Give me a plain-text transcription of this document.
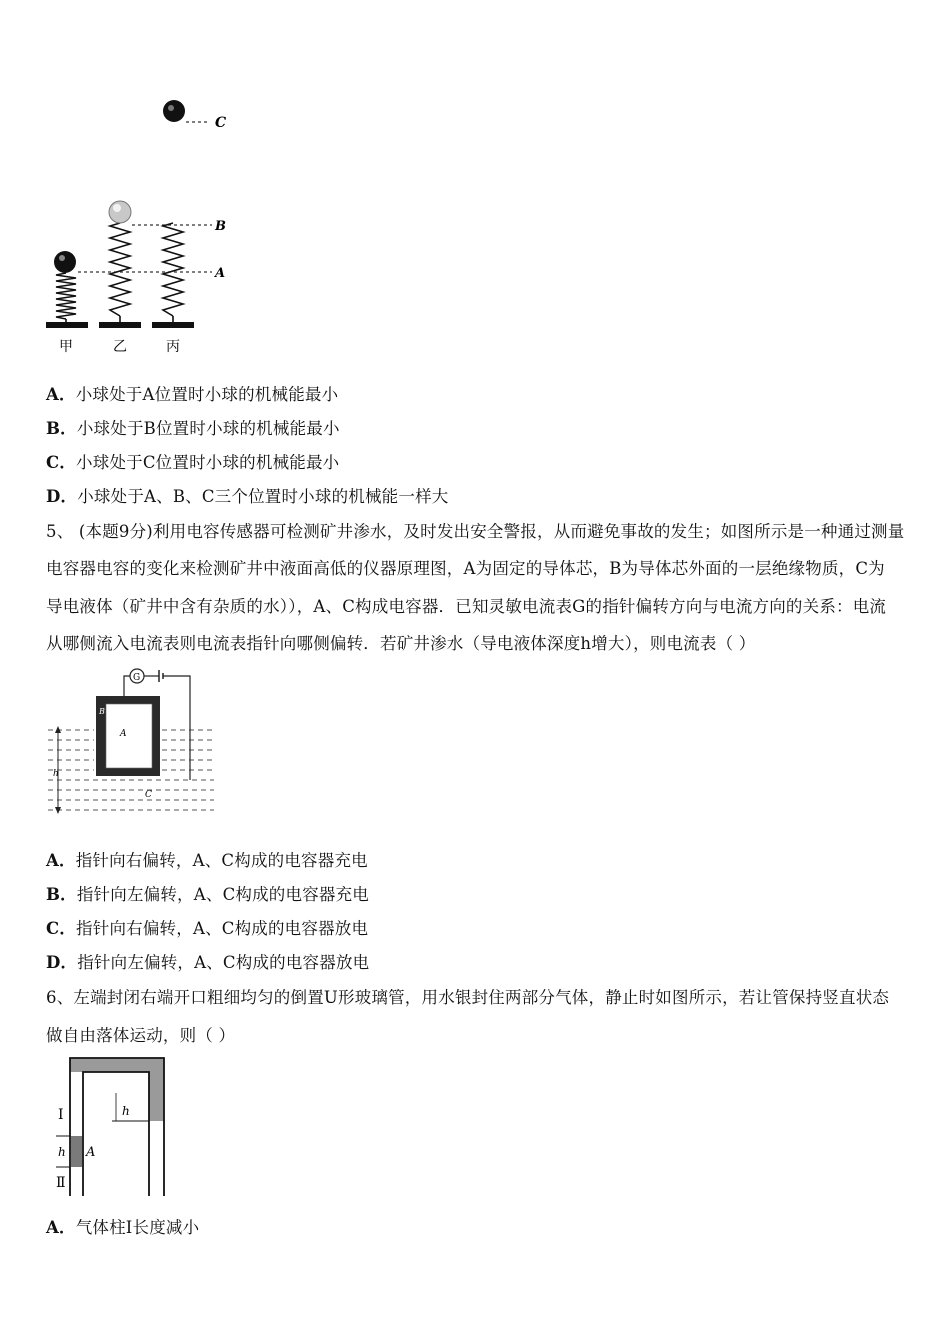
C
B
A
甲	乙	丙
A．小球处于A位置时小球的机械能最小
B．小球处于B位置时小球的机械能最小
C．小球处于C位置时小球的机械能最小
D．小球处于A、B、C三个位置时小球的机械能一样大
5、 (本题9分)利用电容传感器可检测矿井渗水，及时发出安全警报，从而避免事故的发生；如图所示是一种通过测量
电容器电容的变化来检测矿井中液面高低的仪器原理图，A为固定的导体芯，B为导体芯外面的一层绝缘物质，C为
导电液体（矿井中含有杂质的水）），A、C构成电容器．已知灵敏电流表G的指针偏转方向与电流方向的关系：电流
从哪侧流入电流表则电流表指针向哪侧偏转．若矿井渗水（导电液体深度h增大），则电流表（ ）
h
A
B
G
C
A．指针向右偏转，A、C构成的电容器充电
B．指针向左偏转，A、C构成的电容器充电
C．指针向右偏转，A、C构成的电容器放电
D．指针向左偏转，A、C构成的电容器放电
6、左端封闭右端开口粗细均匀的倒置U形玻璃管，用水银封住两部分气体，静止时如图所示，若让管保持竖直状态
做自由落体运动，则（ ）
h
h A
Ⅰ
Ⅱ
A．气体柱Ⅰ长度减小
